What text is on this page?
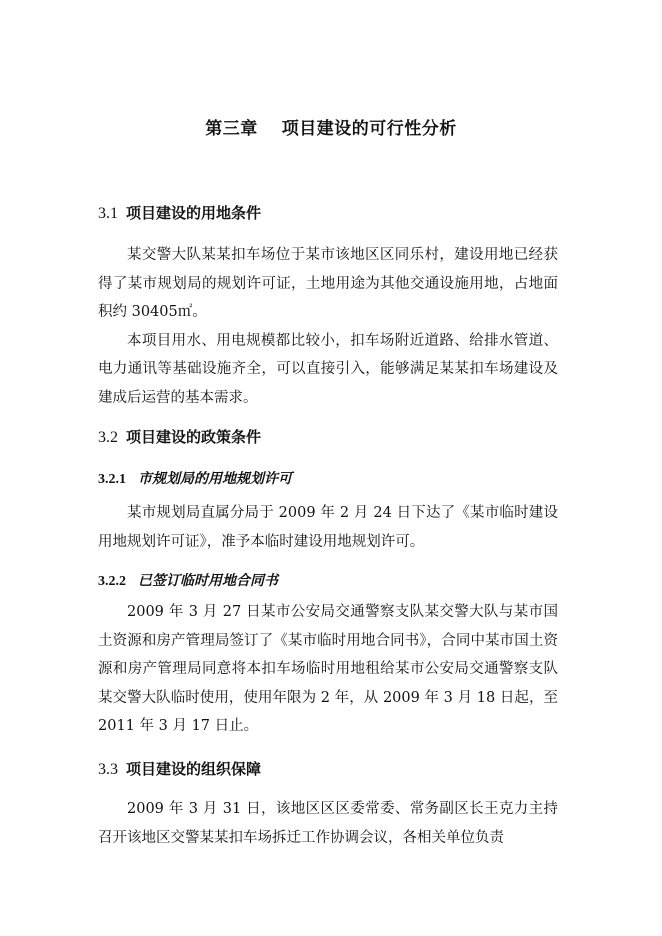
第三章 项目建设的可行性分析
3.1 项目建设的用地条件

某交警大队某某扣车场位于某市该地区区同乐村，建设用地已经获得了某市规划局的规划许可证，土地用途为其他交通设施用地，占地面积约 30405㎡。

本项目用水、用电规模都比较小，扣车场附近道路、给排水管道、电力通讯等基础设施齐全，可以直接引入，能够满足某某扣车场建设及建成后运营的基本需求。

3.2 项目建设的政策条件
3.2.1 市规划局的用地规划许可

某市规划局直属分局于 2009 年 2 月 24 日下达了《某市临时建设用地规划许可证》，准予本临时建设用地规划许可。

3.2.2 已签订临时用地合同书

2009 年 3 月 27 日某市公安局交通警察支队某交警大队与某市国土资源和房产管理局签订了《某市临时用地合同书》，合同中某市国土资源和房产管理局同意将本扣车场临时用地租给某市公安局交通警察支队某交警大队临时使用，使用年限为 2 年，从 2009 年 3 月 18 日起，至 2011 年 3 月 17 日止。

3.3 项目建设的组织保障

2009 年 3 月 31 日，该地区区区委常委、常务副区长王克力主持召开该地区交警某某扣车场拆迁工作协调会议，各相关单位负责
